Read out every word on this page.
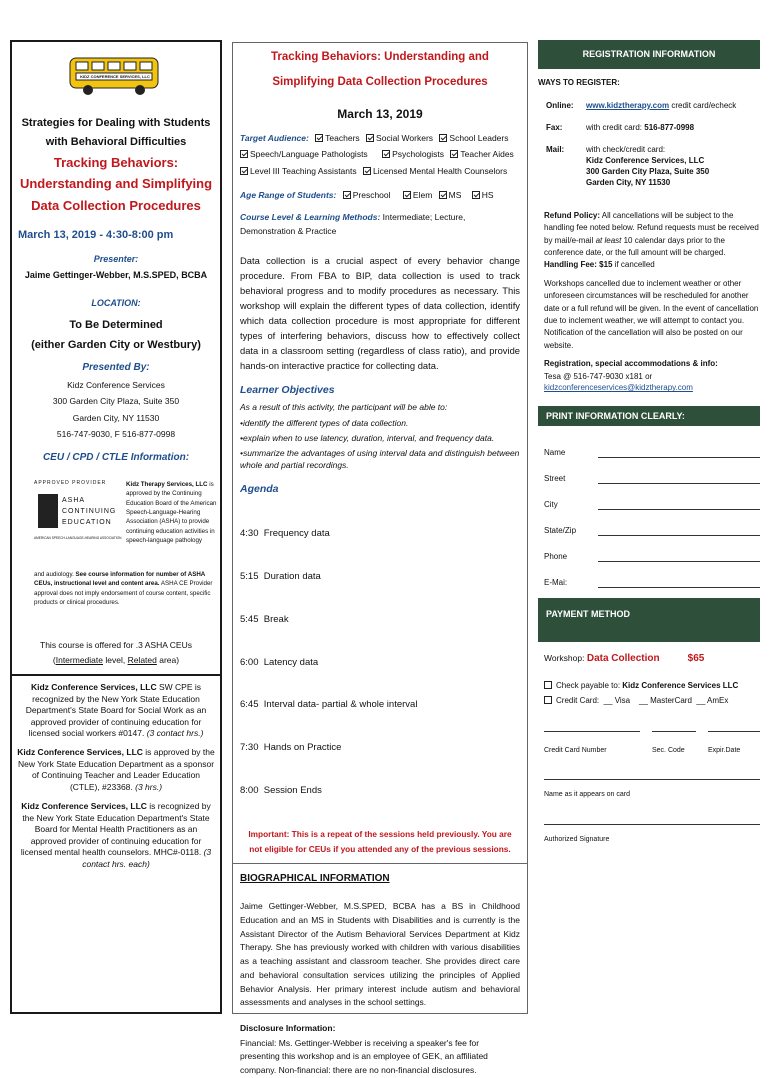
KIDZ CONFERENCE SERVICES, LLC

Strategies for Dealing with Students

with Behavioral Difficulties

Tracking Behaviors:

Understanding and Simplifying

Data Collection Procedures

March 13, 2019 - 4:30-8:00 pm

Presenter:

Jaime Gettinger-Webber, M.S.SPED, BCBA

LOCATION:

To Be Determined

(either Garden City or Westbury)

Presented By:

Kidz Conference Services

300 Garden City Plaza, Suite 350

Garden City, NY 11530

516-747-9030, F 516-877-0998

CEU / CPD / CTLE Information:

APPROVED PROVIDER

ASHA

CONTINUING

EDUCATION

AMERICAN SPEECH-LANGUAGE-HEARING ASSOCIATION

Kidz Therapy Services, LLC is approved by the Continuing Education Board of the American Speech-Language-Hearing Association (ASHA) to provide continuing education activities in speech-language pathology
and audiology. See course information for number of ASHA CEUs, instructional level and content area. ASHA CE Provider approval does not imply endorsement of course content, specific products or clinical procedures.

This course is offered for .3 ASHA CEUs

(Intermediate level, Related area)

Kidz Conference Services, LLC SW CPE is recognized by the New York State Education Department's State Board for Social Work as an approved provider of continuing education for licensed social workers #0147. (3 contact hrs.)

Kidz Conference Services, LLC is approved by the New York State Education Department as a sponsor of Continuing Teacher and Leader Education (CTLE), #23368. (3 hrs.)

Kidz Conference Services, LLC is recognized by the New York State Education Department's State Board for Mental Health Practitioners as an approved provider of continuing education for licensed mental health counselors. MHC#-0118. (3 contact hrs. each)

Tracking Behaviors: Understanding and

Simplifying Data Collection Procedures

March 13, 2019

Target Audience: Teachers Social Workers School Leaders
Speech/Language Pathologists	Psychologists Teacher Aides
Level III Teaching Assistants Licensed Mental Health Counselors
Age Range of Students: Preschool	Elem MS HS

Course Level & Learning Methods: Intermediate; Lecture, Demonstration & Practice

Data collection is a crucial aspect of every behavior change procedure. From FBA to BIP, data collection is used to track behavioral progress and to modify procedures as necessary. This workshop will explain the different types of data collection, identify which data collection procedure is most appropriate for different types of interfering behaviors, discuss how to effectively collect data in a classroom setting (regardless of class ratio), and provide hands-on interactive practice for collecting data.

Learner Objectives

As a result of this activity, the participant will be able to:

•identify the different types of data collection.
•explain when to use latency, duration, interval, and frequency data.
•summarize the advantages of using interval data and distinguish between whole and partial recordings.

Agenda

4:30  Frequency data

5:15  Duration data

5:45  Break

6:00  Latency data

6:45  Interval data- partial & whole interval

7:30  Hands on Practice

8:00  Session Ends

Important: This is a repeat of the sessions held previously. You are not eligible for CEUs if you attended any of the previous sessions.

BIOGRAPHICAL INFORMATION

Jaime Gettinger-Webber, M.S.SPED, BCBA has a BS in Childhood Education and an MS in Students with Disabilities and is currently is the Assistant Director of the Autism Behavioral Services Department at Kidz Therapy. She has previously worked with children with various disabilities as a teaching assistant and classroom teacher. She provides direct care and behavioral consultation services utilizing the principles of Applied Behavior Analysis. Her primary interest include autism and behavioral assessments and analyses in the school settings.

Disclosure Information:

Financial: Ms. Gettinger-Webber is receiving a speaker's fee for presenting this workshop and is an employee of GEK, an affiliated company. Non-financial: there are no non-financial disclosures.

REGISTRATION INFORMATION

WAYS TO REGISTER:

Online: www.kidztherapy.com credit card/echeck

Fax:	with credit card: 516-877-0998

Mail:	with check/credit card:

Kidz Conference Services, LLC

300 Garden City Plaza, Suite 350

Garden City, NY 11530

Refund Policy: All cancellations will be subject to the handling fee noted below. Refund requests must be received by mail/e-mail at least 10 calendar days prior to the conference date, or the full amount will be charged.
Handling Fee: $15 if cancelled

Workshops cancelled due to inclement weather or other unforeseen circumstances will be rescheduled for another date or a full refund will be given. In the event of cancellation due to inclement weather, we will attempt to contact you. Notification of the cancellation will also be posted on our website.

Registration, special accommodations & info:

Tesa @ 516-747-9030 x181 or

kidzconferenceservices@kidztherapy.com

PRINT INFORMATION CLEARLY:
Name
Street
City
State/Zip
Phone
E-Mai:
PAYMENT METHOD

Workshop: Data Collection	$65

Check payable to: Kidz Conference Services LLC

Credit Card: __ Visa    __ MasterCard  __ AmEx

Credit Card Number	Sec. Code	Expir.Date
Name as it appears on card
Authorized Signature
